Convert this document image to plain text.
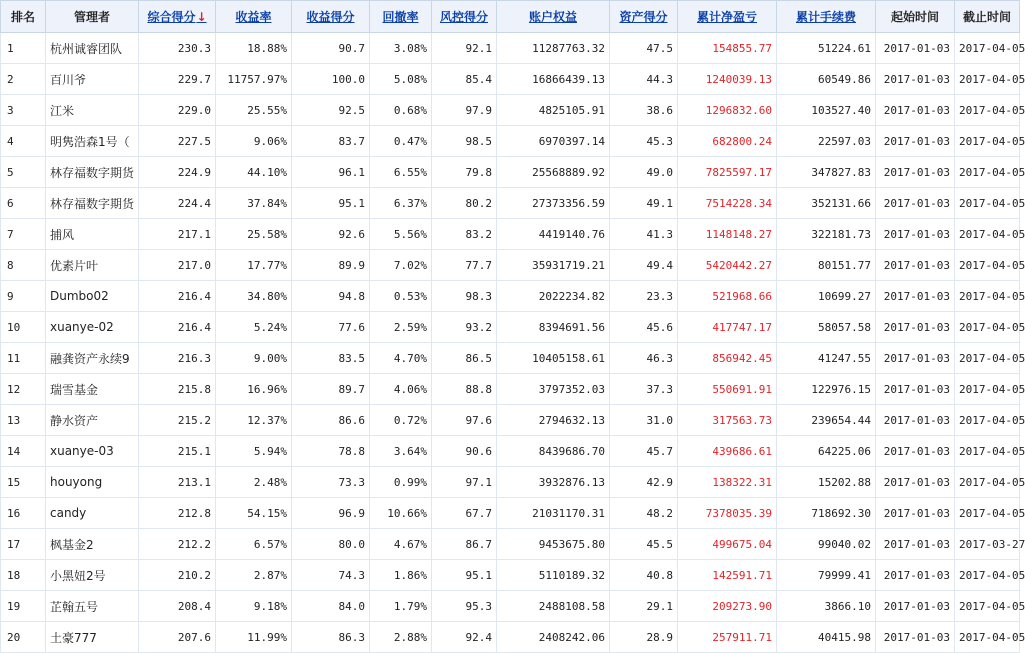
排名	管理者	综合得分↓	收益率	收益得分	回撤率	风控得分	账户权益	资产得分	累计净盈亏	累计手续费	起始时间	截止时间
1	杭州诚睿团队	230.3	18.88%	90.7	3.08%	92.1	11287763.32	47.5	154855.77	51224.61	2017-01-03	2017-04-05
2	百川爷	229.7	11757.97%	100.0	5.08%	85.4	16866439.13	44.3	1240039.13	60549.86	2017-01-03	2017-04-05
3	江米	229.0	25.55%	92.5	0.68%	97.9	4825105.91	38.6	1296832.60	103527.40	2017-01-03	2017-04-05
4	明隽浩森1号（	227.5	9.06%	83.7	0.47%	98.5	6970397.14	45.3	682800.24	22597.03	2017-01-03	2017-04-05
5	林存福数字期货	224.9	44.10%	96.1	6.55%	79.8	25568889.92	49.0	7825597.17	347827.83	2017-01-03	2017-04-05
6	林存福数字期货	224.4	37.84%	95.1	6.37%	80.2	27373356.59	49.1	7514228.34	352131.66	2017-01-03	2017-04-05
7	捕风	217.1	25.58%	92.6	5.56%	83.2	4419140.76	41.3	1148148.27	322181.73	2017-01-03	2017-04-05
8	优素片叶	217.0	17.77%	89.9	7.02%	77.7	35931719.21	49.4	5420442.27	80151.77	2017-01-03	2017-04-05
9	Dumbo02	216.4	34.80%	94.8	0.53%	98.3	2022234.82	23.3	521968.66	10699.27	2017-01-03	2017-04-05
10	xuanye-02	216.4	5.24%	77.6	2.59%	93.2	8394691.56	45.6	417747.17	58057.58	2017-01-03	2017-04-05
11	融龚资产永续9	216.3	9.00%	83.5	4.70%	86.5	10405158.61	46.3	856942.45	41247.55	2017-01-03	2017-04-05
12	瑞雪基金	215.8	16.96%	89.7	4.06%	88.8	3797352.03	37.3	550691.91	122976.15	2017-01-03	2017-04-05
13	静水资产	215.2	12.37%	86.6	0.72%	97.6	2794632.13	31.0	317563.73	239654.44	2017-01-03	2017-04-05
14	xuanye-03	215.1	5.94%	78.8	3.64%	90.6	8439686.70	45.7	439686.61	64225.06	2017-01-03	2017-04-05
15	houyong	213.1	2.48%	73.3	0.99%	97.1	3932876.13	42.9	138322.31	15202.88	2017-01-03	2017-04-05
16	candy	212.8	54.15%	96.9	10.66%	67.7	21031170.31	48.2	7378035.39	718692.30	2017-01-03	2017-04-05
17	枫基金2	212.2	6.57%	80.0	4.67%	86.7	9453675.80	45.5	499675.04	99040.02	2017-01-03	2017-03-27
18	小黑妞2号	210.2	2.87%	74.3	1.86%	95.1	5110189.32	40.8	142591.71	79999.41	2017-01-03	2017-04-05
19	芷翰五号	208.4	9.18%	84.0	1.79%	95.3	2488108.58	29.1	209273.90	3866.10	2017-01-03	2017-04-05
20	土豪777	207.6	11.99%	86.3	2.88%	92.4	2408242.06	28.9	257911.71	40415.98	2017-01-03	2017-04-05
